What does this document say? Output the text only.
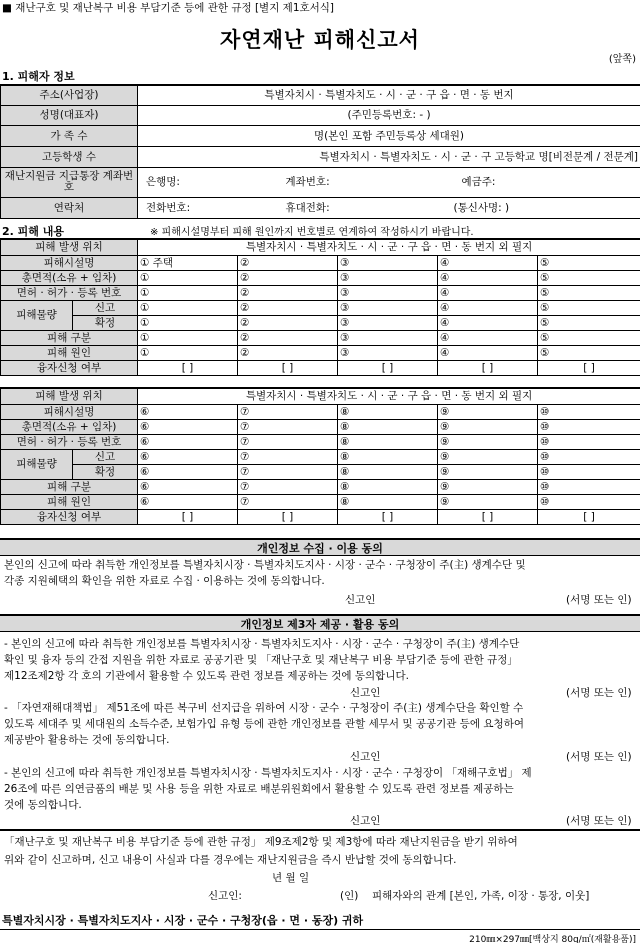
■ 재난구호 및 재난복구 비용 부담기준 등에 관한 규정 [별지 제1호서식]
자연재난 피해신고서
(앞쪽)
1. 피해자 정보
주소(사업장)	특별자치시 · 특별자치도 · 시 · 군 · 구 읍 · 면 · 동 번지		
성명(대표자)	(주민등록번호: - )		
가 족 수	명(본인 포함 주민등록상 세대원)		
고등학생 수	특별자치시 · 특별자치도 · 시 · 군 · 구 고등학교 명[비전문계 / 전문계]		
재난지원금 지급통장 계좌번호	은행명:	계좌번호:	예금주:
연락처	전화번호:	휴대전화:	(통신사명: )
2. 피해 내용	※ 피해시설명부터 피해 원인까지 번호별로 연계하여 작성하시기 바랍니다.
피해 발생 위치		특별자치시 · 특별자치도 · 시 · 군 · 구 읍 · 면 · 동 번지 외 필지				
피해시설명		① 주택	②	③	④	⑤
총면적(소유 + 임차)		①	②	③	④	⑤
면허 · 허가 · 등록 번호		①	②	③	④	⑤
피해물량	신고	①	②	③	④	⑤
	확정	①	②	③	④	⑤
피해 구분		①	②	③	④	⑤
피해 원인		①	②	③	④	⑤
융자신청 여부		[ ]	[ ]	[ ]	[ ]	[ ]
피해 발생 위치		특별자치시 · 특별자치도 · 시 · 군 · 구 읍 · 면 · 동 번지 외 필지				
피해시설명		⑥	⑦	⑧	⑨	⑩
총면적(소유 + 임차)		⑥	⑦	⑧	⑨	⑩
면허 · 허가 · 등록 번호		⑥	⑦	⑧	⑨	⑩
피해물량	신고	⑥	⑦	⑧	⑨	⑩
	확정	⑥	⑦	⑧	⑨	⑩
피해 구분		⑥	⑦	⑧	⑨	⑩
피해 원인		⑥	⑦	⑧	⑨	⑩
융자신청 여부		[ ]	[ ]	[ ]	[ ]	[ ]
개인정보 수집 · 이용 동의
본인의 신고에 따라 취득한 개인정보를 특별자치시장 · 특별자치도지사 · 시장 · 군수 · 구청장이 주(主) 생계수단 및
각종 지원혜택의 확인을 위한 자료로 수집 · 이용하는 것에 동의합니다.
신고인	(서명 또는 인)
개인정보 제3자 제공 · 활용 동의
- 본인의 신고에 따라 취득한 개인정보를 특별자치시장 · 특별자치도지사 · 시장 · 군수 · 구청장이 주(主) 생계수단
확인 및 융자 등의 간접 지원을 위한 자료로 공공기관 및 「재난구호 및 재난복구 비용 부담기준 등에 관한 규정」
제12조제2항 각 호의 기관에서 활용할 수 있도록 관련 정보를 제공하는 것에 동의합니다.
신고인	(서명 또는 인)
- 「자연재해대책법」 제51조에 따른 복구비 선지급을 위하여 시장 · 군수 · 구청장이 주(主) 생계수단을 확인할 수
있도록 세대주 및 세대원의 소득수준, 보험가입 유형 등에 관한 개인정보를 관할 세무서 및 공공기관 등에 요청하여
제공받아 활용하는 것에 동의합니다.
신고인	(서명 또는 인)
- 본인의 신고에 따라 취득한 개인정보를 특별자치시장 · 특별자치도지사 · 시장 · 군수 · 구청장이 「재해구호법」 제
26조에 따른 의연금품의 배분 및 사용 등을 위한 자료로 배분위원회에서 활용할 수 있도록 관련 정보를 제공하는
것에 동의합니다.
신고인	(서명 또는 인)
「재난구호 및 재난복구 비용 부담기준 등에 관한 규정」 제9조제2항 및 제3항에 따라 재난지원금을 받기 위하여
위와 같이 신고하며, 신고 내용이 사실과 다를 경우에는 재난지원금을 즉시 반납할 것에 동의합니다.
년 월 일
신고인:	(인) 피해자와의 관계 [본인, 가족, 이장 · 통장, 이웃]
특별자치시장 · 특별자치도지사 · 시장 · 군수 · 구청장(읍 · 면 · 동장) 귀하
210㎜×297㎜[백상지 80g/㎡(재활용품)]
